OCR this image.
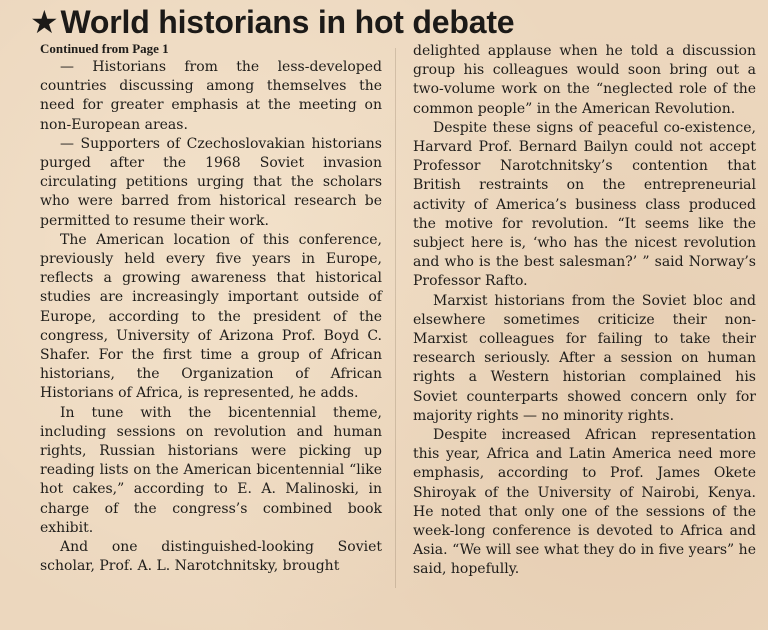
★World historians in hot debate
Continued from Page 1

— Historians from the less-developed countries discussing among themselves the need for greater emphasis at the meeting on non-European areas.

— Supporters of Czechoslovakian historians purged after the 1968 Soviet invasion circulating petitions urging that the scholars who were barred from historical research be permitted to resume their work.

The American location of this conference, previously held every five years in Europe, reflects a growing awareness that historical studies are increasingly important outside of Europe, according to the president of the congress, University of Arizona Prof. Boyd C. Shafer. For the first time a group of African historians, the Organization of African Historians of Africa, is represented, he adds.

In tune with the bicentennial theme, including sessions on revolution and human rights, Russian historians were picking up reading lists on the American bicentennial “like hot cakes,” according to E. A. Malinoski, in charge of the congress’s combined book exhibit.

And one distinguished-looking Soviet scholar, Prof. A. L. Narotchnitsky, brought

delighted applause when he told a discussion group his colleagues would soon bring out a two-volume work on the “neglected role of the common people” in the American Revolution.

Despite these signs of peaceful co-existence, Harvard Prof. Bernard Bailyn could not accept Professor Narotchnitsky’s contention that British restraints on the entrepreneurial activity of America’s business class produced the motive for revolution. “It seems like the subject here is, ‘who has the nicest revolution and who is the best salesman?’ ” said Norway’s Professor Rafto.

Marxist historians from the Soviet bloc and elsewhere sometimes criticize their non-Marxist colleagues for failing to take their research seriously. After a session on human rights a Western historian complained his Soviet counterparts showed concern only for majority rights — no minority rights.

Despite increased African representation this year, Africa and Latin America need more emphasis, according to Prof. James Okete Shiroyak of the University of Nairobi, Kenya. He noted that only one of the sessions of the week-long conference is devoted to Africa and Asia. “We will see what they do in five years” he said, hopefully.
